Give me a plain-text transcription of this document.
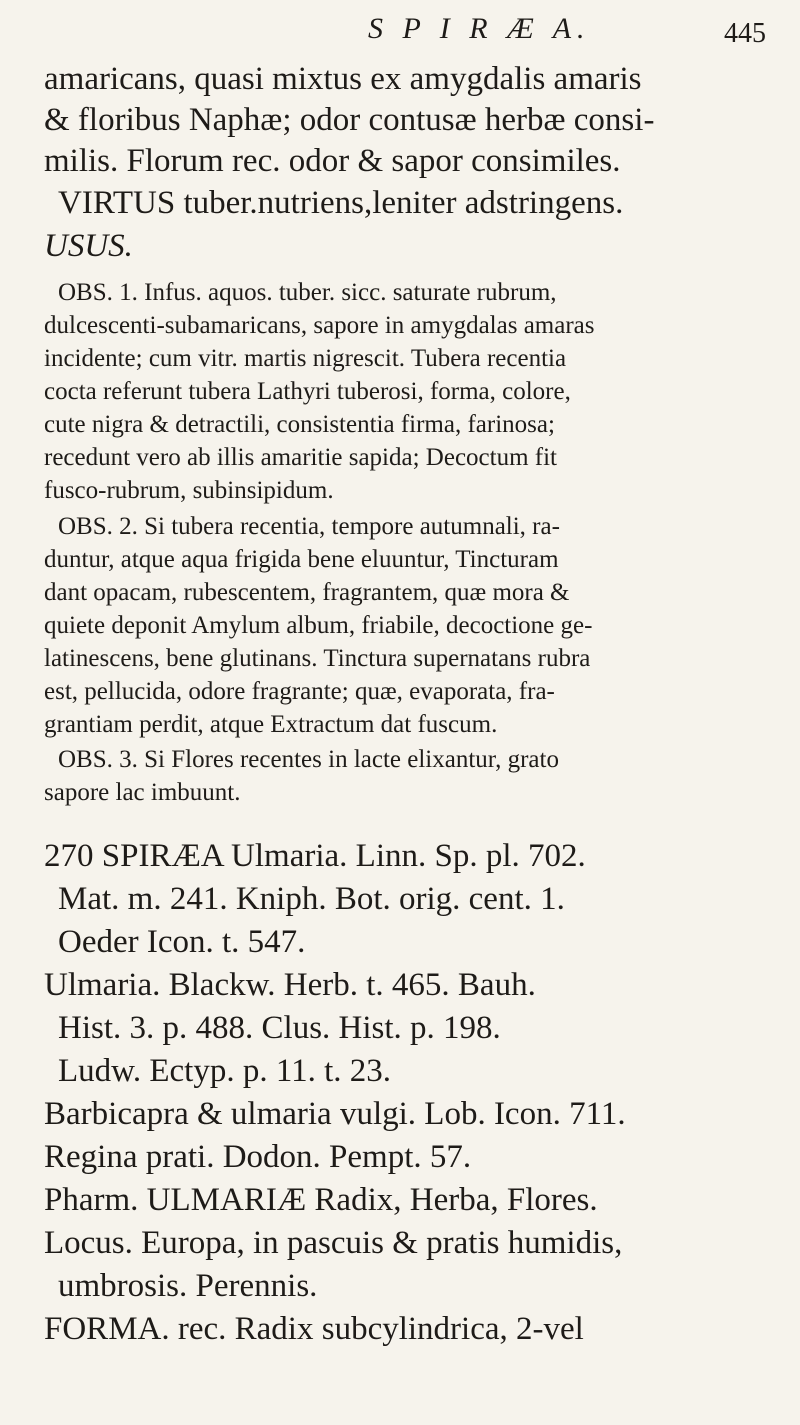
S P I R Æ A.	445
amaricans, quasi mixtus ex amygdalis amaris
& floribus Naphæ; odor contusæ herbæ consi-
milis. Florum rec. odor & sapor consimiles.
VIRTUS tuber.nutriens,leniter adstringens.
USUS.
OBS. 1. Infus. aquos. tuber. sicc. saturate rubrum,
dulcescenti-subamaricans, sapore in amygdalas amaras
incidente; cum vitr. martis nigrescit. Tubera recentia
cocta referunt tubera Lathyri tuberosi, forma, colore,
cute nigra & detractili, consistentia firma, farinosa;
recedunt vero ab illis amaritie sapida; Decoctum fit
fusco-rubrum, subinsipidum.
OBS. 2. Si tubera recentia, tempore autumnali, ra-
duntur, atque aqua frigida bene eluuntur, Tincturam
dant opacam, rubescentem, fragrantem, quæ mora &
quiete deponit Amylum album, friabile, decoctione ge-
latinescens, bene glutinans. Tinctura supernatans rubra
est, pellucida, odore fragrante; quæ, evaporata, fra-
grantiam perdit, atque Extractum dat fuscum.
OBS. 3. Si Flores recentes in lacte elixantur, grato
sapore lac imbuunt.
270 SPIRÆA Ulmaria. Linn. Sp. pl. 702.
Mat. m. 241. Kniph. Bot. orig. cent. 1.
Oeder Icon. t. 547.
Ulmaria. Blackw. Herb. t. 465. Bauh.
Hist. 3. p. 488. Clus. Hist. p. 198.
Ludw. Ectyp. p. 11. t. 23.
Barbicapra & ulmaria vulgi. Lob. Icon. 711.
Regina prati. Dodon. Pempt. 57.
Pharm. ULMARIÆ Radix, Herba, Flores.
Locus. Europa, in pascuis & pratis humidis,
umbrosis. Perennis.
FORMA. rec. Radix subcylindrica, 2-vel
